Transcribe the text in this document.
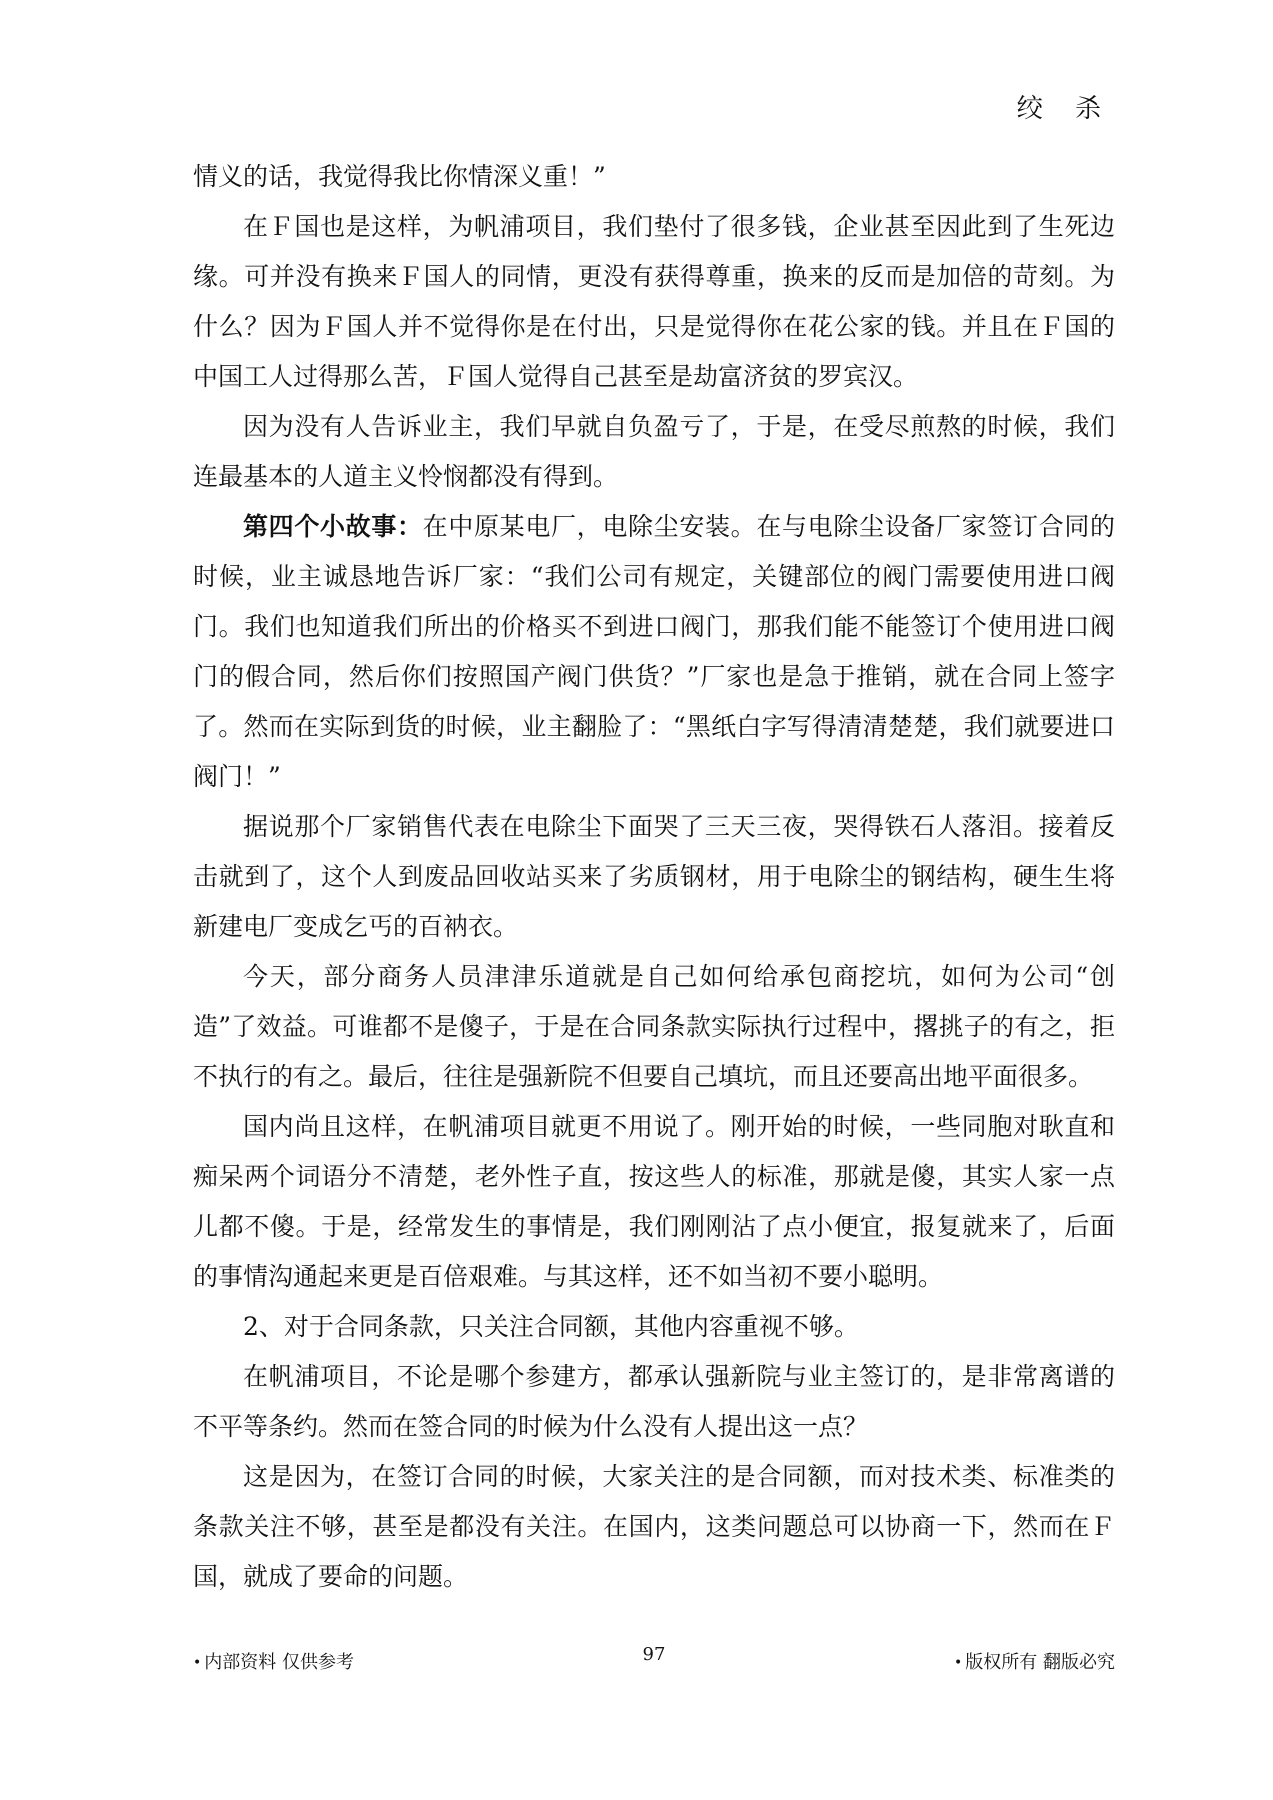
绞 杀

情义的话，我觉得我比你情深义重！”

在Ｆ国也是这样，为帆浦项目，我们垫付了很多钱，企业甚至因此到了生死边缘。可并没有换来Ｆ国人的同情，更没有获得尊重，换来的反而是加倍的苛刻。为什么？因为Ｆ国人并不觉得你是在付出，只是觉得你在花公家的钱。并且在Ｆ国的中国工人过得那么苦，Ｆ国人觉得自己甚至是劫富济贫的罗宾汉。

因为没有人告诉业主，我们早就自负盈亏了，于是，在受尽煎熬的时候，我们连最基本的人道主义怜悯都没有得到。

第四个小故事：在中原某电厂，电除尘安装。在与电除尘设备厂家签订合同的时候，业主诚恳地告诉厂家：“我们公司有规定，关键部位的阀门需要使用进口阀门。我们也知道我们所出的价格买不到进口阀门，那我们能不能签订个使用进口阀门的假合同，然后你们按照国产阀门供货？”厂家也是急于推销，就在合同上签字了。然而在实际到货的时候，业主翻脸了：“黑纸白字写得清清楚楚，我们就要进口阀门！”

据说那个厂家销售代表在电除尘下面哭了三天三夜，哭得铁石人落泪。接着反击就到了，这个人到废品回收站买来了劣质钢材，用于电除尘的钢结构，硬生生将新建电厂变成乞丐的百衲衣。

今天，部分商务人员津津乐道就是自己如何给承包商挖坑，如何为公司“创造”了效益。可谁都不是傻子，于是在合同条款实际执行过程中，撂挑子的有之，拒不执行的有之。最后，往往是强新院不但要自己填坑，而且还要高出地平面很多。

国内尚且这样，在帆浦项目就更不用说了。刚开始的时候，一些同胞对耿直和痴呆两个词语分不清楚，老外性子直，按这些人的标准，那就是傻，其实人家一点儿都不傻。于是，经常发生的事情是，我们刚刚沾了点小便宜，报复就来了，后面的事情沟通起来更是百倍艰难。与其这样，还不如当初不要小聪明。

2、对于合同条款，只关注合同额，其他内容重视不够。

在帆浦项目，不论是哪个参建方，都承认强新院与业主签订的，是非常离谱的不平等条约。然而在签合同的时候为什么没有人提出这一点？

这是因为，在签订合同的时候，大家关注的是合同额，而对技术类、标准类的条款关注不够，甚至是都没有关注。在国内，这类问题总可以协商一下，然而在Ｆ国，就成了要命的问题。

• 内部资料 仅供参考	97	• 版权所有 翻版必究
